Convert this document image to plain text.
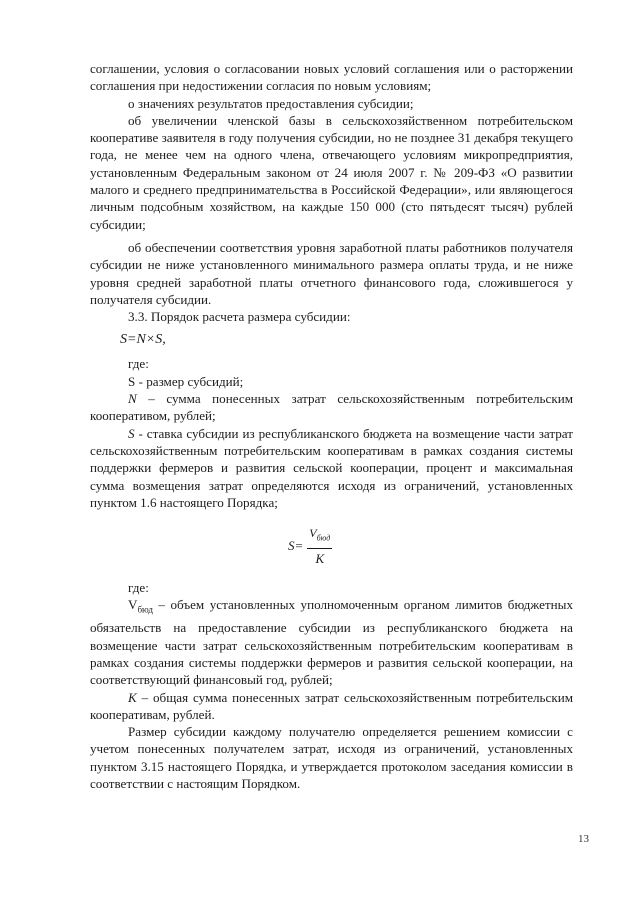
соглашении, условия о согласовании новых условий соглашения или о расторжении соглашения при недостижении согласия по новым условиям;

о значениях результатов предоставления субсидии;

об увеличении членской базы в сельскохозяйственном потребительском кооперативе заявителя в году получения субсидии, но не позднее 31 декабря текущего года, не менее чем на одного члена, отвечающего условиям микропредприятия, установленным Федеральным законом от 24 июля 2007 г. № 209-ФЗ «О развитии малого и среднего предпринимательства в Российской Федерации», или являющегося личным подсобным хозяйством, на каждые 150 000 (сто пятьдесят тысяч) рублей субсидии;

об обеспечении соответствия уровня заработной платы работников получателя субсидии не ниже установленного минимального размера оплаты труда, и не ниже уровня средней заработной платы отчетного финансового года, сложившегося у получателя субсидии.

3.3. Порядок расчета размера субсидии:

S=N×S,

где:

S - размер субсидий;

N – сумма понесенных затрат сельскохозяйственным потребительским кооперативом, рублей;

S - ставка субсидии из республиканского бюджета на возмещение части затрат сельскохозяйственным потребительским кооперативам в рамках создания системы поддержки фермеров и развития сельской кооперации, процент и максимальная сумма возмещения затрат определяются исходя из ограничений, установленных пунктом 1.6 настоящего Порядка;

$S= \frac{V_{бюд}}{K}$

где:

$V_{бюд}$ – объем установленных уполномоченным органом лимитов бюджетных обязательств на предоставление субсидии из республиканского бюджета на возмещение части затрат сельскохозяйственным потребительским кооперативам в рамках создания системы поддержки фермеров и развития сельской кооперации, на соответствующий финансовый год, рублей;

K – общая сумма понесенных затрат сельскохозяйственным потребительским кооперативам, рублей.

Размер субсидии каждому получателю определяется решением комиссии с учетом понесенных получателем затрат, исходя из ограничений, установленных пунктом 3.15 настоящего Порядка, и утверждается протоколом заседания комиссии в соответствии с настоящим Порядком.

13
